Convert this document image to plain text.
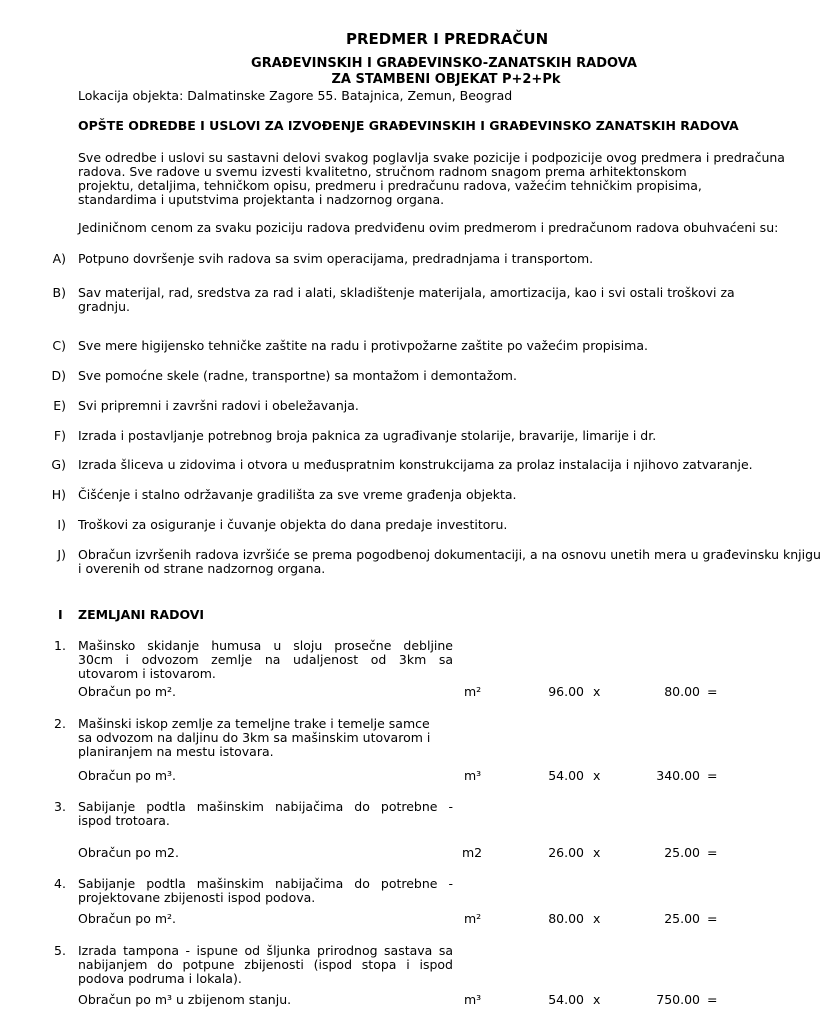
PREDMER I PREDRAČUN
GRAĐEVINSKIH I GRAĐEVINSKO-ZANATSKIH RADOVA
ZA STAMBENI OBJEKAT P+2+Pk
Lokacija objekta: Dalmatinske Zagore 55. Batajnica, Zemun, Beograd
OPŠTE ODREDBE I USLOVI ZA IZVOĐENJE GRAĐEVINSKIH I GRAĐEVINSKO ZANATSKIH RADOVA
Sve odredbe i uslovi su sastavni delovi svakog poglavlja svake pozicije i podpozicije ovog predmera i predračuna
radova. Sve radove u svemu izvesti kvalitetno, stručnom radnom snagom prema arhitektonskom
projektu, detaljima, tehničkom opisu, predmeru i predračunu radova, važećim tehničkim propisima,
standardima i uputstvima projektanta i nadzornog organa.
Jediničnom cenom za svaku poziciju radova predviđenu ovim predmerom i predračunom radova obuhvaćeni su:
Potpuno dovršenje svih radova sa svim operacijama, predradnjama i transportom.
Sav materijal, rad, sredstva za rad i alati, skladištenje materijala, amortizacija, kao i svi ostali troškovi za
gradnju.
Sve mere higijensko tehničke zaštite na radu i protivpožarne zaštite po važećim propisima.
Sve pomoćne skele (radne, transportne) sa montažom i demontažom.
Svi pripremni i završni radovi i obeležavanja.
Izrada i postavljanje potrebnog broja paknica za ugrađivanje stolarije, bravarije, limarije i dr.
Izrada šliceva u zidovima i otvora u međuspratnim konstrukcijama za prolaz instalacija i njihovo zatvaranje.
Čišćenje i stalno održavanje gradilišta za sve vreme građenja objekta.
Troškovi za osiguranje i čuvanje objekta do dana predaje investitoru.
Obračun izvršenih radova izvršiće se prema pogodbenoj dokumentaciji, a na osnovu unetih mera u građevinsku knjigu
i overenih od strane nadzornog organa.
A)
B)
C)
D)
E)
F)
G)
H)
I)
J)
I ZEMLJANI RADOVI
1. Mašinsko skidanje humusa u sloju prosečne debljine
30cm i odvozom zemlje na udaljenost od 3km sa
utovarom i istovarom.
Obračun po m².	m²	96.00 x	80.00 =
2. Mašinski iskop zemlje za temeljne trake i temelje samce
sa odvozom na daljinu do 3km sa mašinskim utovarom i
planiranjem na mestu istovara.
Obračun po m³.	m³	54.00 x	340.00 =
3. Sabijanje podtla mašinskim nabijačima do potrebne -
ispod trotoara.
Obračun po m2.	m2	26.00 x	25.00 =
4. Sabijanje podtla mašinskim nabijačima do potrebne -
projektovane zbijenosti ispod podova.
Obračun po m².	m²	80.00 x	25.00 =
5. Izrada tampona - ispune od šljunka prirodnog sastava sa
nabijanjem do potpune zbijenosti (ispod stopa i ispod
podova podruma i lokala).
Obračun po m³ u zbijenom stanju.	m³	54.00 x	750.00 =
